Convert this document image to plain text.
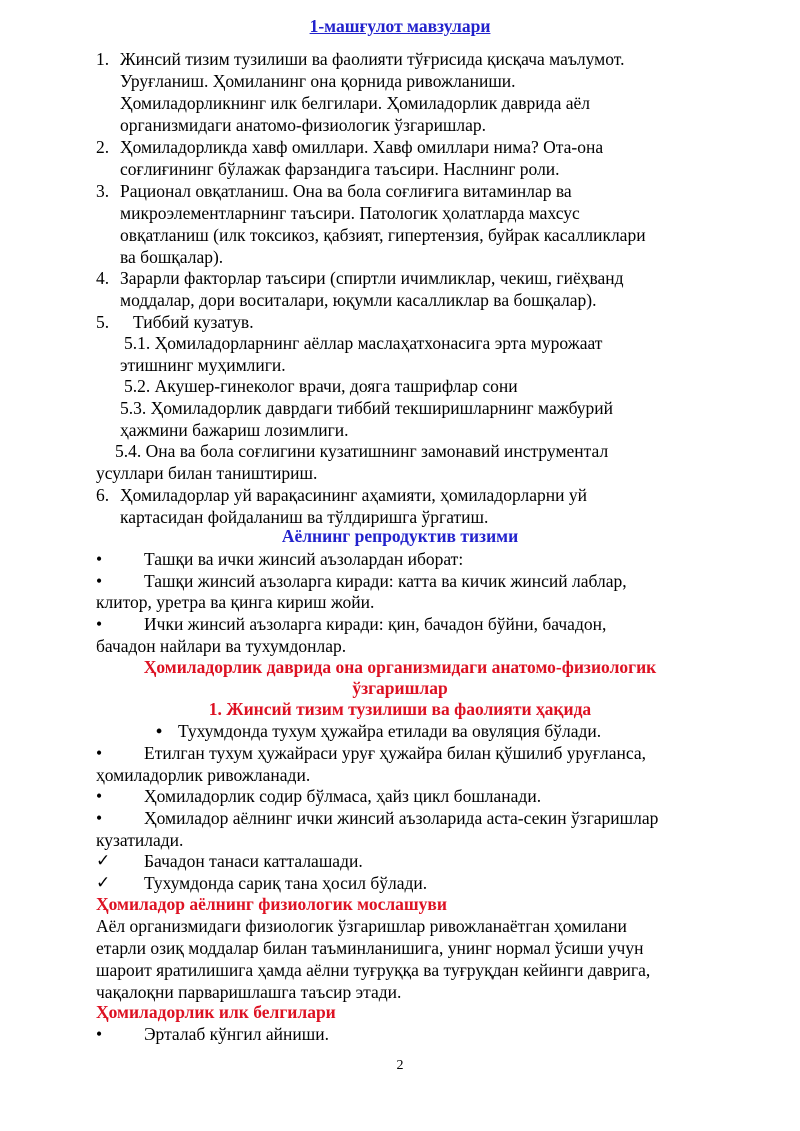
1-машғулот мавзулари
1. Жинсий тизим тузилиши ва фаолияти тўғрисида қисқача маълумот.
Уруғланиш. Ҳомиланинг она қорнида ривожланиши.
Ҳомиладорликнинг илк белгилари. Ҳомиладорлик даврида аёл
организмидаги анатомо-физиологик ўзгаришлар.
2. Ҳомиладорликда хавф омиллари. Хавф омиллари нима? Ота-она
соғлиғининг бўлажак фарзандига таъсири. Наслнинг роли.
3. Рационал овқатланиш. Она ва бола соғлиғига витаминлар ва
микроэлементларнинг таъсири. Патологик ҳолатларда махсус
овқатланиш (илк токсикоз, қабзият, гипертензия, буйрак касалликлари
ва бошқалар).
4. Зарарли факторлар таъсири (спиртли ичимликлар, чекиш, гиёҳванд
моддалар, дори воситалари, юқумли касалликлар ва бошқалар).
5. Тиббий кузатув.
5.1. Ҳомиладорларнинг аёллар маслаҳатхонасига эрта мурожаат
этишнинг муҳимлиги.
5.2. Акушер-гинеколог врачи, дояга ташрифлар сони
5.3. Ҳомиладорлик даврдаги тиббий текширишларнинг мажбурий
ҳажмини бажариш лозимлиги.
5.4. Она ва бола соғлигини кузатишнинг замонавий инструментал
усуллари билан таништириш.
6. Ҳомиладорлар уй варақасининг аҳамияти, ҳомиладорларни уй
картасидан фойдаланиш ва тўлдиришга ўргатиш.
Аёлнинг репродуктив тизими
• Ташқи ва ички жинсий аъзолардан иборат:
• Ташқи жинсий аъзоларга киради: катта ва кичик жинсий лаблар,
клитор, уретра ва қинга кириш жойи.
• Ички жинсий аъзоларга киради: қин, бачадон бўйни, бачадон,
бачадон найлари ва тухумдонлар.
Ҳомиладорлик даврида она организмидаги анатомо-физиологик
ўзгаришлар
1. Жинсий тизим тузилиши ва фаолияти ҳақида
• Тухумдонда тухум ҳужайра етилади ва овуляция бўлади.
• Етилган тухум ҳужайраси уруғ ҳужайра билан қўшилиб уруғланса,
ҳомиладорлик ривожланади.
• Ҳомиладорлик содир бўлмаса, ҳайз цикл бошланади.
• Ҳомиладор аёлнинг ички жинсий аъзоларида аста-секин ўзгаришлар
кузатилади.
✓ Бачадон танаси катталашади.
✓ Тухумдонда сариқ тана ҳосил бўлади.
Ҳомиладор аёлнинг физиологик мослашуви
Аёл организмидаги физиологик ўзгаришлар ривожланаётган ҳомилани
етарли озиқ моддалар билан таъминланишига, унинг нормал ўсиши учун
шароит яратилишига ҳамда аёлни туғруққа ва туғруқдан кейинги даврига,
чақалоқни парваришлашга таъсир этади.
Ҳомиладорлик илк белгилари
• Эрталаб кўнгил айниши.
2
